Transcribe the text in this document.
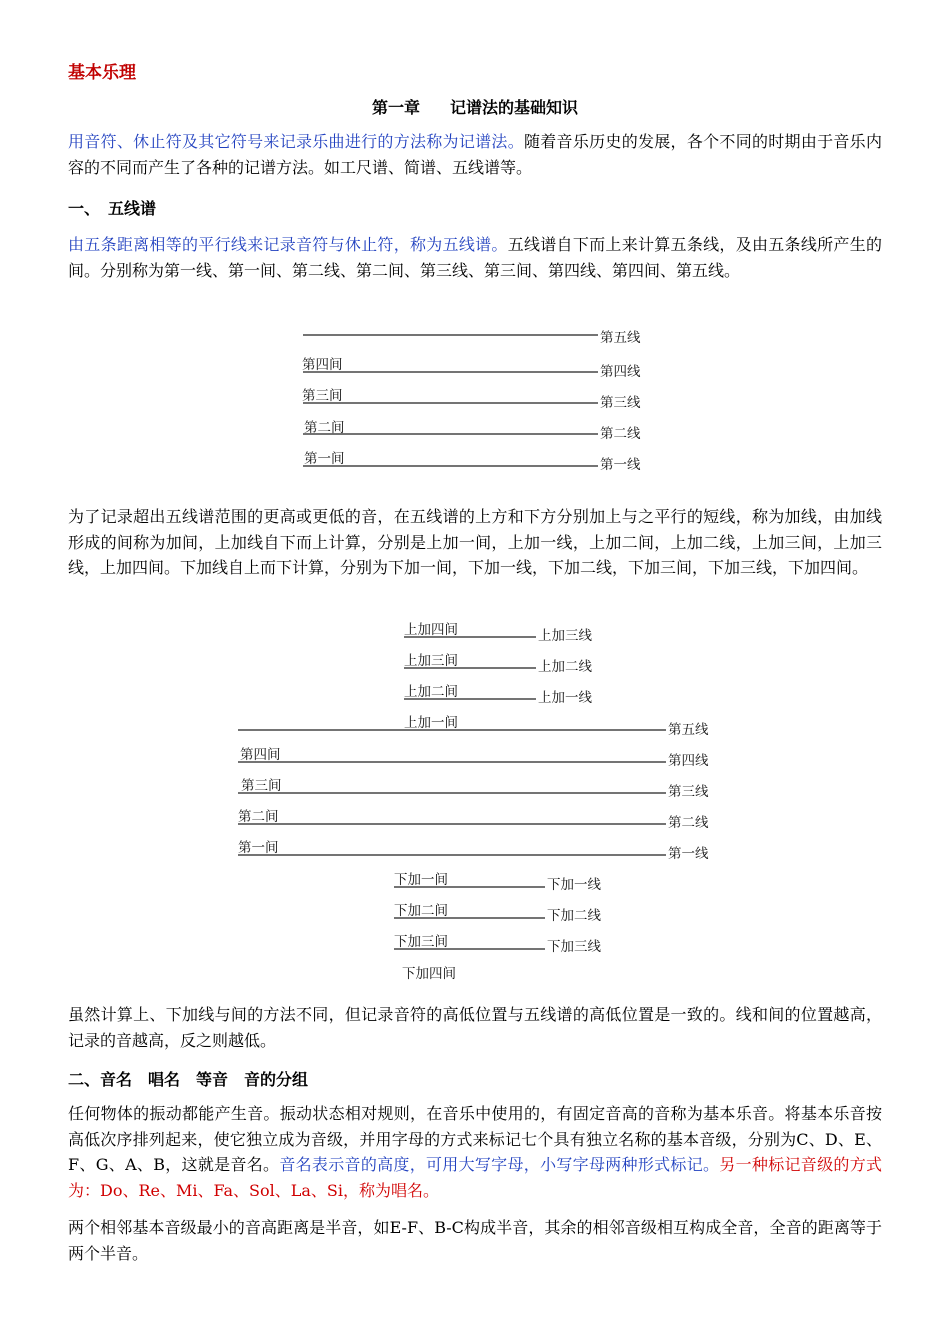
基本乐理
第一章 记谱法的基础知识
用音符、休止符及其它符号来记录乐曲进行的方法称为记谱法。随着音乐历史的发展，各个不同的时期由于音乐内容的不同而产生了各种的记谱方法。如工尺谱、简谱、五线谱等。
一、　五线谱
由五条距离相等的平行线来记录音符与休止符，称为五线谱。五线谱自下而上来计算五条线，及由五条线所产生的间。分别称为第一线、第一间、第二线、第二间、第三线、第三间、第四线、第四间、第五线。
为了记录超出五线谱范围的更高或更低的音，在五线谱的上方和下方分别加上与之平行的短线，称为加线，由加线形成的间称为加间，上加线自下而上计算，分别是上加一间，上加一线，上加二间，上加二线，上加三间，上加三线，上加四间。下加线自上而下计算，分别为下加一间，下加一线，下加二线，下加三间，下加三线，下加四间。
虽然计算上、下加线与间的方法不同，但记录音符的高低位置与五线谱的高低位置是一致的。线和间的位置越高，记录的音越高，反之则越低。
二、音名　唱名　等音　音的分组
任何物体的振动都能产生音。振动状态相对规则，在音乐中使用的，有固定音高的音称为基本乐音。将基本乐音按高低次序排列起来，使它独立成为音级，并用字母的方式来标记七个具有独立名称的基本音级，分别为C、D、E、F、G、A、B，这就是音名。音名表示音的高度，可用大写字母，小写字母两种形式标记。另一种标记音级的方式为：Do、Re、Mi、Fa、Sol、La、Si，称为唱名。
两个相邻基本音级最小的音高距离是半音，如E-F、B-C构成半音，其余的相邻音级相互构成全音，全音的距离等于两个半音。
第五线
第四线
第三线
第二线
第一线
第四间
第三间
第二间
第一间
上加三线
上加二线
上加一线
上加四间
上加三间
上加二间
上加一间	第五线
第四线
第三线
第二线
第一线
第四间
第三间
第二间
第一间
下加一线
下加二线
下加三线
下加一间
下加二间
下加三间
下加四间
